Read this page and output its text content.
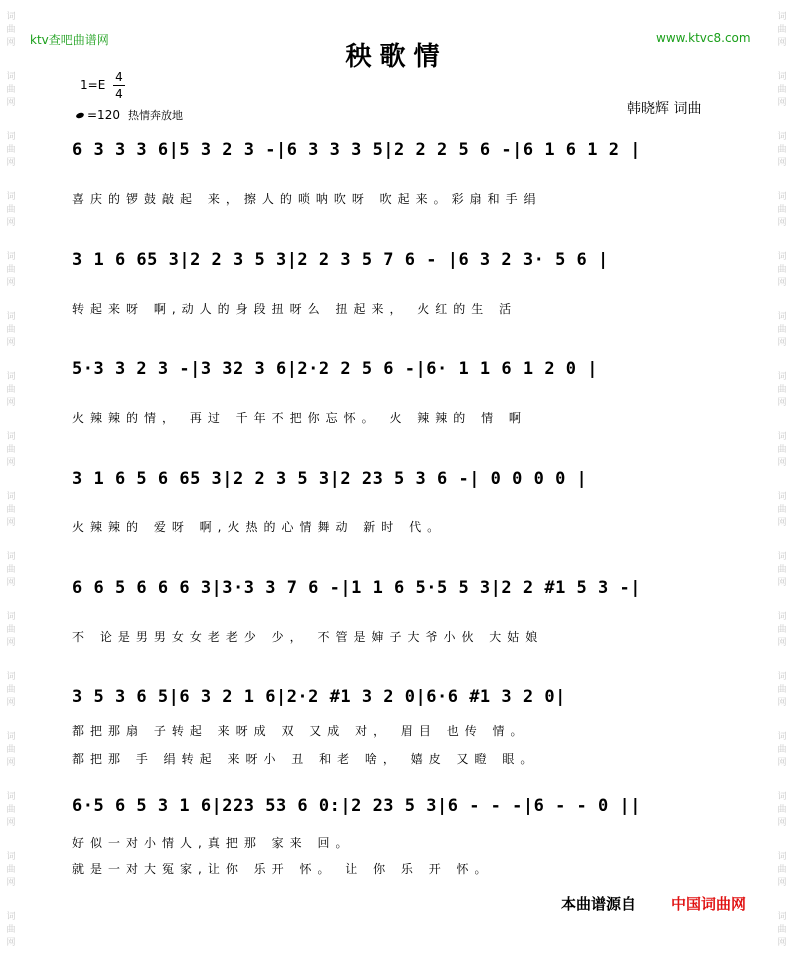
词
曲
网
词
曲
网
词
曲
网
词
曲
网
词
曲
网
词
曲
网
词
曲
网
词
曲
网
词
曲
网
词
曲
网
词
曲
网
词
曲
网
词
曲
网
词
曲
网
词
曲
网
词
曲
网
词
曲
网
词
曲
网
词
曲
网
词
曲
网
词
曲
网
词
曲
网
词
曲
网
词
曲
网
词
曲
网
词
曲
网
词
曲
网
词
曲
网
词
曲
网
词
曲
网
词
曲
网
词
曲
网
ktv查吧曲谱网	www.ktvc8.com
秧歌情
1=E
4
4
=120 热情奔放地	韩晓辉 词曲
6 3 3 3 6|5 3 2 3 -|6 3 3 3 5|2 2 2 5 6 -|6 1 6 1 2 |
喜庆的锣鼓敲起 来，擦人的唢呐吹呀 吹起来。彩扇和手绢
3 1 6 65 3|2 2 3 5 3|2 2 3 5 7 6 - |6 3 2 3· 5 6 |
转起来呀 啊,动人的身段扭呀么 扭起来， 火红的生 活
5·3 3 2 3 -|3 32 3 6|2·2 2 5 6 -|6· 1 1 6 1 2 0 |
火辣辣的情， 再过 千年不把你忘怀。 火 辣辣的 情 啊
3 1 6 5 6 65 3|2 2 3 5 3|2 23 5 3 6 -| 0 0 0 0 |
火辣辣的 爱呀 啊,火热的心情舞动 新时 代。
6 6 5 6 6 6 3|3·3 3 7 6 -|1 1 6 5·5 5 3|2 2 #1 5 3 -|
不 论是男男女女老老少 少， 不管是婶子大爷小伙 大姑娘
3 5 3 6 5|6 3 2 1 6|2·2 #1 3 2 0|6·6 #1 3 2 0|
都把那扇 子转起 来呀成 双 又成 对， 眉目 也传 情。
都把那 手 绢转起 来呀小 丑 和老 啥， 嬉皮 又瞪 眼。
6·5 6 5 3 1 6|223 53 6 0:|2 23 5 3|6 - - -|6 - - 0 ||
好似一对小情人,真把那 家来 回。
就是一对大冤家,让你 乐开 怀。 让 你 乐 开 怀。
本曲谱源自 中国词曲网
